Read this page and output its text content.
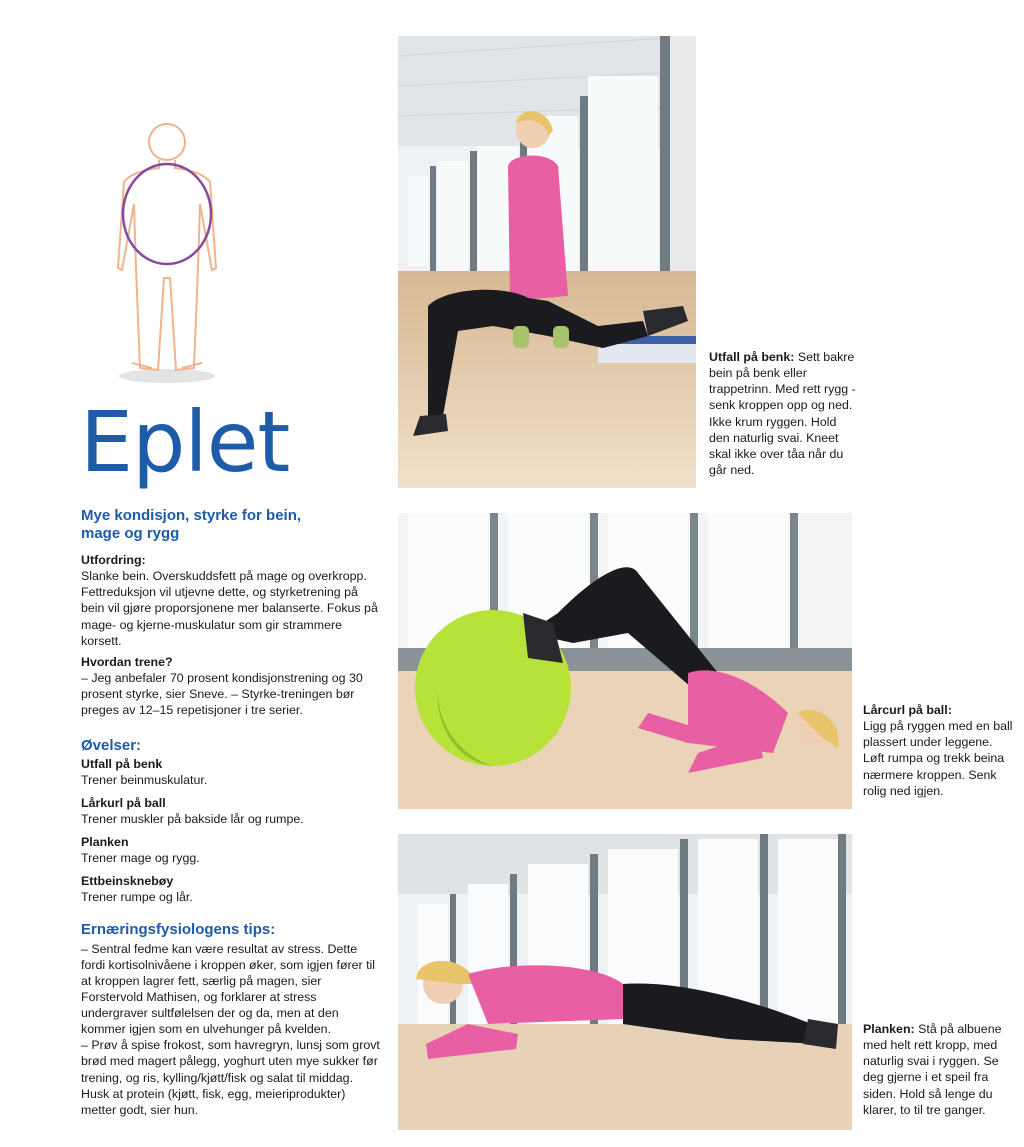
Eplet
Mye kondisjon, styrke for bein, mage og rygg
Utfordring:

Slanke bein. Overskuddsfett på mage og overkropp. Fettreduksjon vil utjevne dette, og styrketrening på bein vil gjøre proporsjonene mer balanserte. Fokus på mage- og kjerne-muskulatur som gir strammere korsett.

Hvordan trene?

– Jeg anbefaler 70 prosent kondisjonstrening og 30 prosent styrke, sier Sneve. – Styrke-treningen bør preges av 12–15 repetisjoner i tre serier.

Øvelser:
Utfall på benk

Trener beinmuskulatur.

Lårkurl på ball

Trener muskler på bakside lår og rumpe.

Planken

Trener mage og rygg.

Ettbeinsknebøy

Trener rumpe og lår.

Ernæringsfysiologens tips:

– Sentral fedme kan være resultat av stress. Dette fordi kortisolnivåene i kroppen øker, som igjen fører til at kroppen lagrer fett, særlig på magen, sier Forstervold Mathisen, og forklarer at stress undergraver sultfølelsen der og da, men at den kommer igjen som en ulvehunger på kvelden.

– Prøv å spise frokost, som havregryn, lunsj som grovt brød med magert pålegg, yoghurt uten mye sukker før trening, og ris, kylling/kjøtt/fisk og salat til middag. Husk at protein (kjøtt, fisk, egg, meieriprodukter) metter godt, sier hun.

Utfall på benk: Sett bakre bein på benk eller trappetrinn. Med rett rygg - senk kroppen opp og ned. Ikke krum ryggen. Hold den naturlig svai. Kneet skal ikke over tåa når du går ned.
Lårcurl på ball:
Ligg på ryggen med en ball plassert under leggene. Løft rumpa og trekk beina nærmere kroppen. Senk rolig ned igjen.
Planken: Stå på albuene med helt rett kropp, med naturlig svai i ryggen. Se deg gjerne i et speil fra siden. Hold så lenge du klarer, to til tre ganger.
